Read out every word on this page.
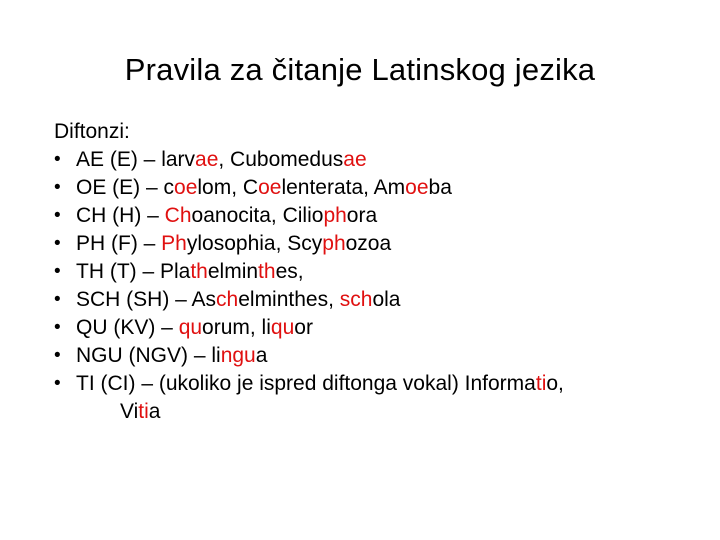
Pravila za čitanje Latinskog jezika
Diftonzi:
• AE (E) – larvae, Cubomedusae
• OE (E) – coelom, Coelenterata, Amoeba
• CH (H) – Choanocita, Ciliophora
• PH (F) – Phylosophia, Scyphozoa
• TH (T) – Plathelminthes,
• SCH (SH) – Aschelminthes, schola
• QU (KV) – quorum, liquor
• NGU (NGV) – lingua
• TI (CI) – (ukoliko je ispred diftonga vokal) Informatio,
Vitia
